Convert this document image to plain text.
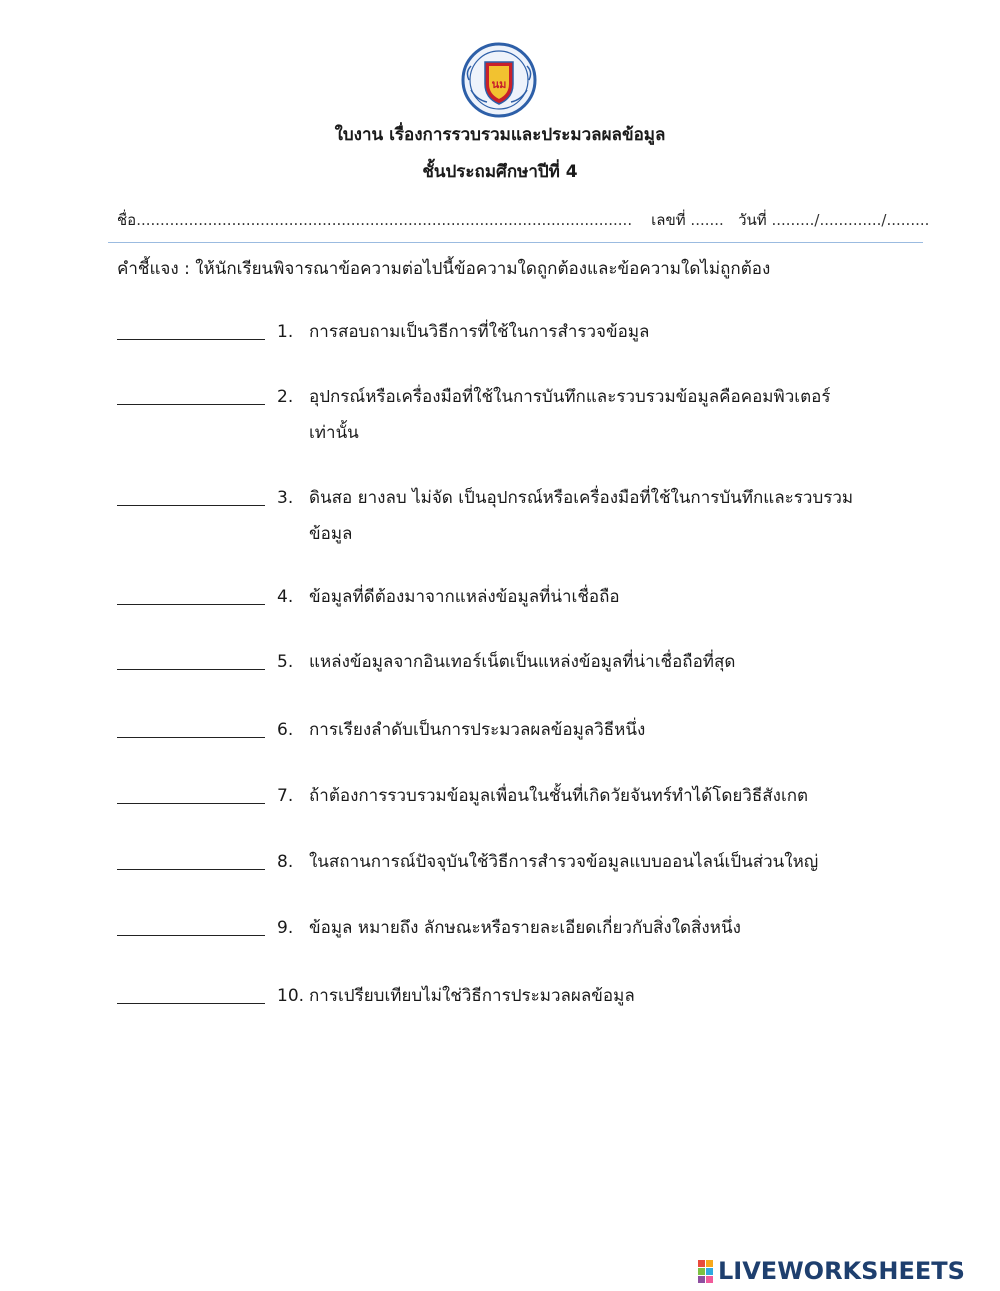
นม
ใบงาน เรื่องการรวบรวมและประมวลผลข้อมูล
ชั้นประถมศึกษาปีที่ 4
ชื่อ........................................................................................................ เลขที่ ....... วันที่ ........./............./.........
คำชี้แจง : ให้นักเรียนพิจารณาข้อความต่อไปนี้ข้อความใดถูกต้องและข้อความใดไม่ถูกต้อง
1. การสอบถามเป็นวิธีการที่ใช้ในการสำรวจข้อมูล
2. อุปกรณ์หรือเครื่องมือที่ใช้ในการบันทึกและรวบรวมข้อมูลคือคอมพิวเตอร์เท่านั้น
3. ดินสอ ยางลบ ไม่จัด เป็นอุปกรณ์หรือเครื่องมือที่ใช้ในการบันทึกและรวบรวมข้อมูล
4. ข้อมูลที่ดีต้องมาจากแหล่งข้อมูลที่น่าเชื่อถือ
5. แหล่งข้อมูลจากอินเทอร์เน็ตเป็นแหล่งข้อมูลที่น่าเชื่อถือที่สุด
6. การเรียงลำดับเป็นการประมวลผลข้อมูลวิธีหนึ่ง
7. ถ้าต้องการรวบรวมข้อมูลเพื่อนในชั้นที่เกิดวัยจันทร์ทำได้โดยวิธีสังเกต
8. ในสถานการณ์ปัจจุบันใช้วิธีการสำรวจข้อมูลแบบออนไลน์เป็นส่วนใหญ่
9. ข้อมูล หมายถึง ลักษณะหรือรายละเอียดเกี่ยวกับสิ่งใดสิ่งหนึ่ง
10. การเปรียบเทียบไม่ใช่วิธีการประมวลผลข้อมูล
LIVEWORKSHEETS
